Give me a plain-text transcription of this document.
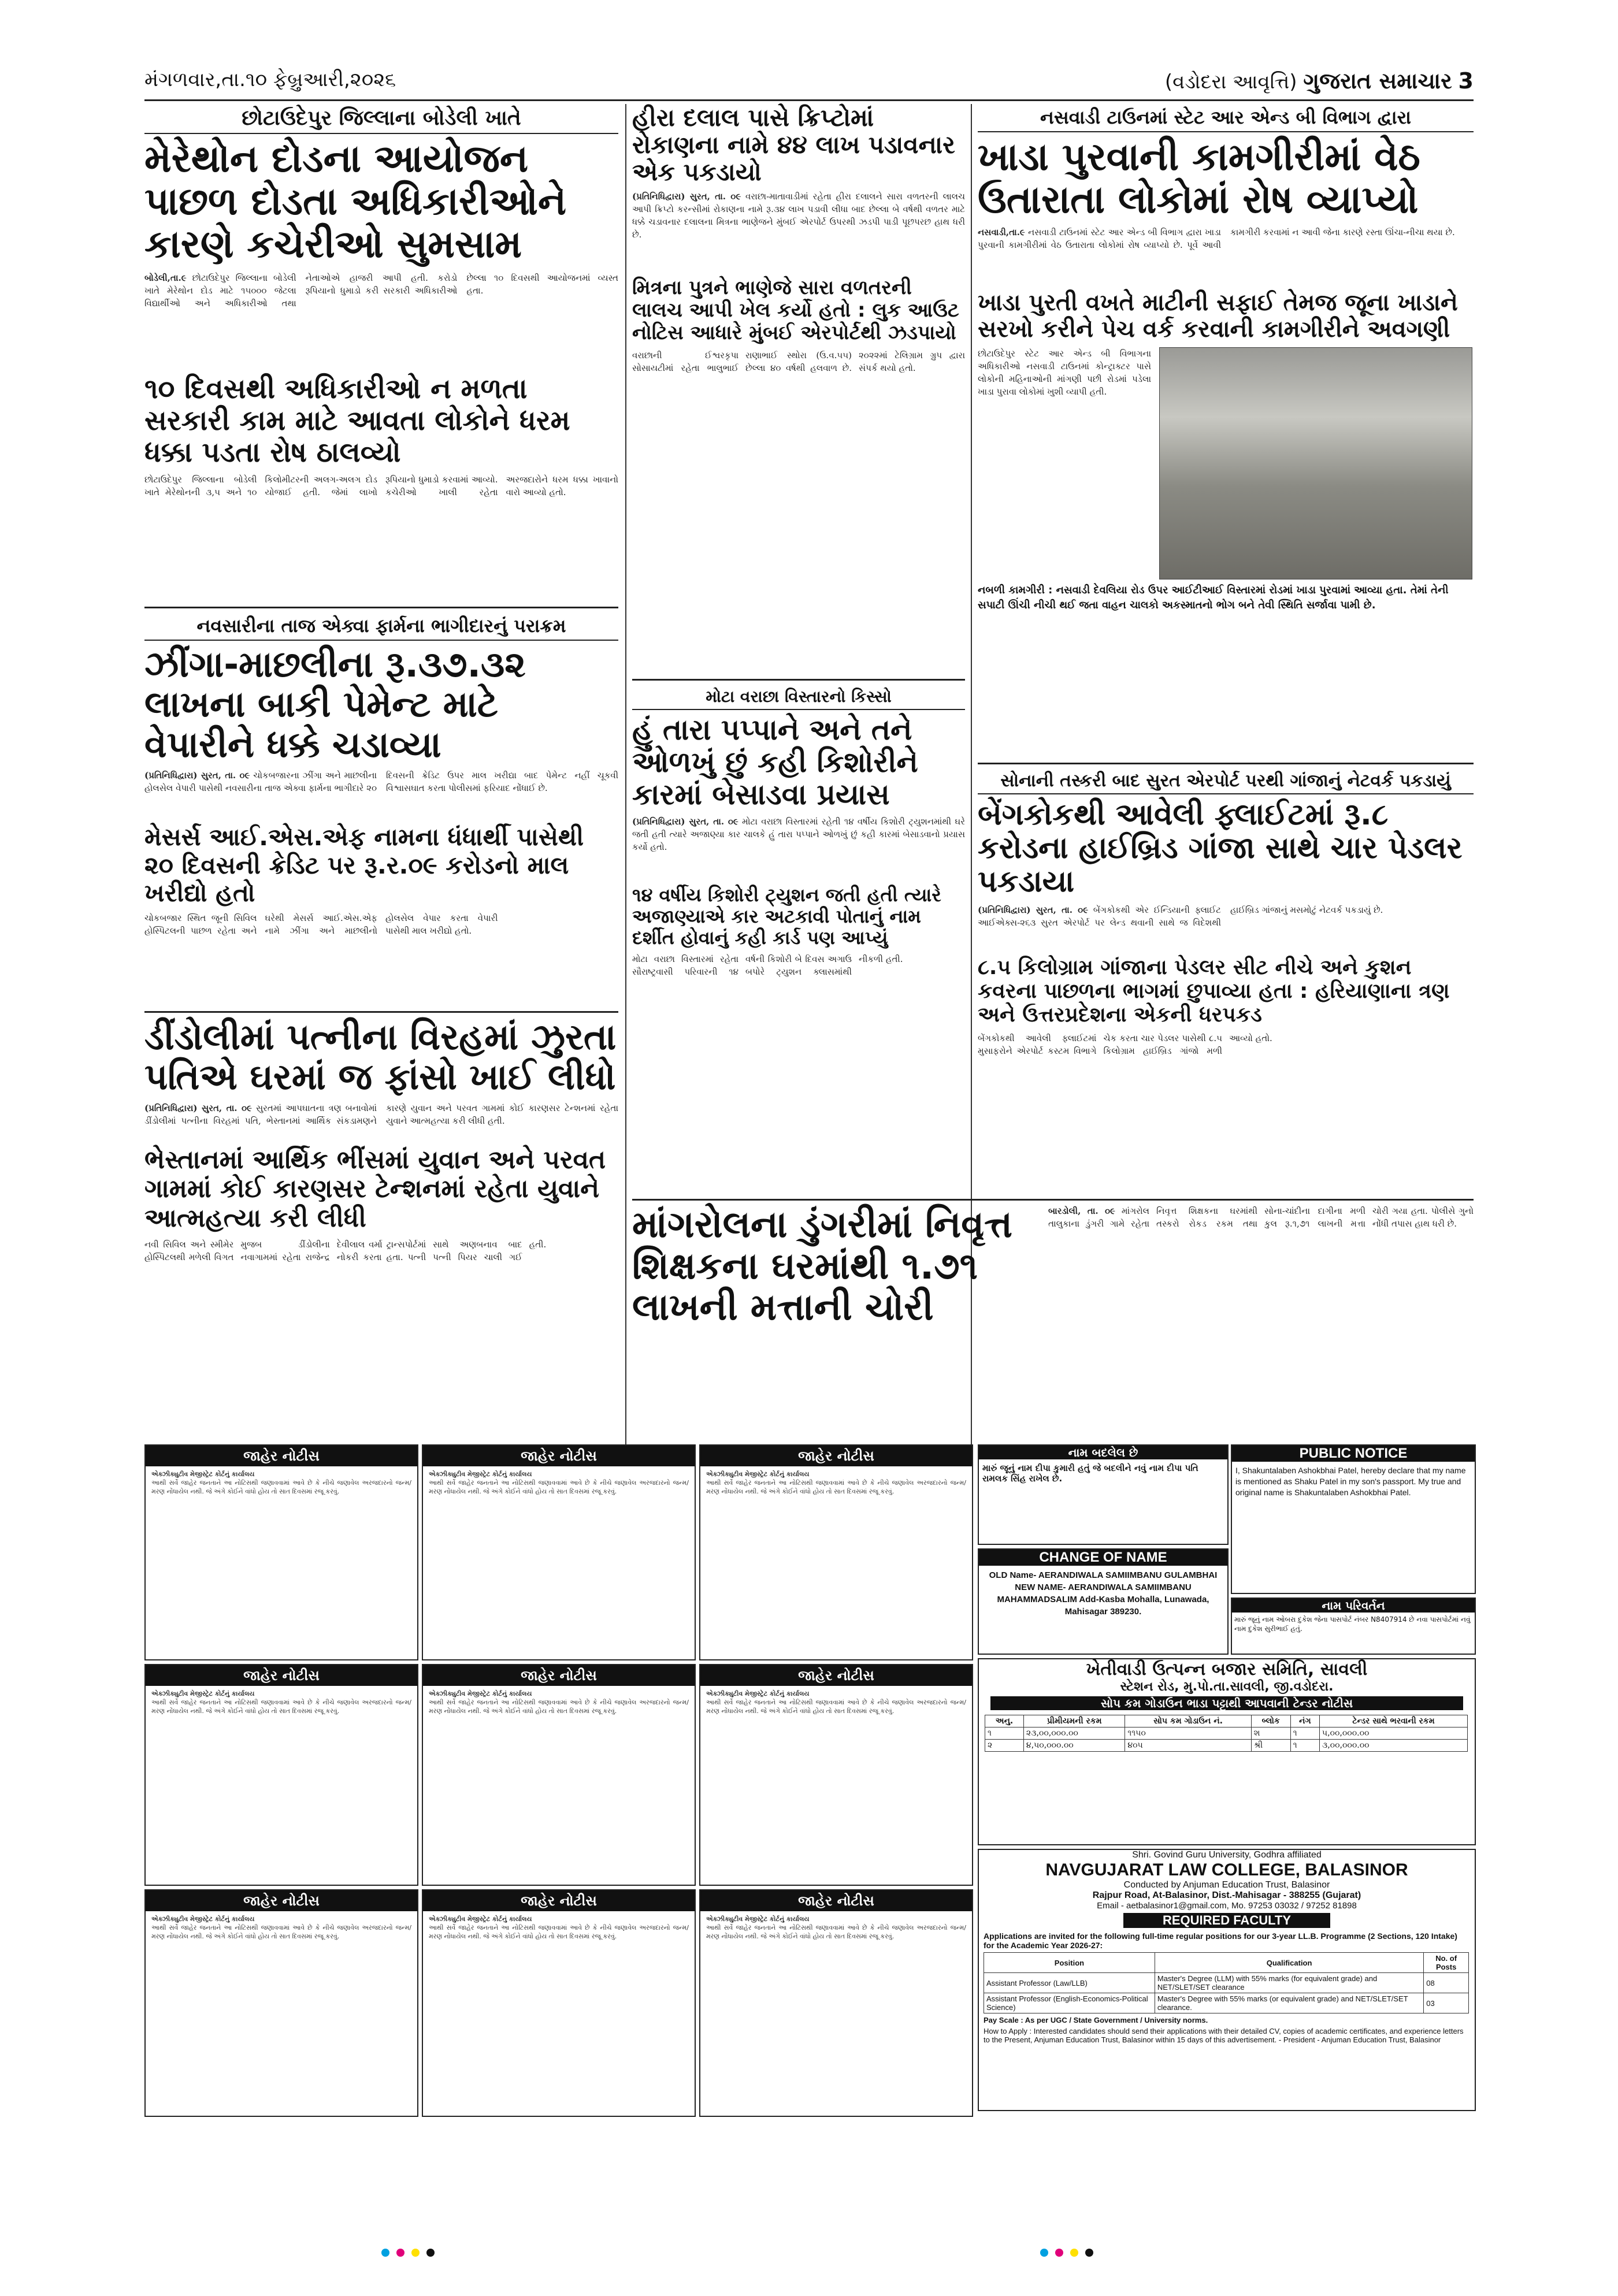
મંગળવાર,તા.૧૦ ફેબ્રુઆરી,૨૦૨૬	(વડોદરા આવૃત્તિ) ગુજરાત સમાચાર 3
છોટાઉદેપુર જિલ્લાના બોડેલી ખાતે
મેરેથોન દોડના આયોજન પાછળ દોડતા અધિકારીઓને કારણે કચેરીઓ સુમસામ

બોડેલી,તા.૯ છોટાઉદેપુર જિલ્લાના બોડેલી ખાતે મેરેથોન દોડ માટે ૧૫૦૦૦ જેટલા વિદ્યાર્થીઓ અને અધિકારીઓ તથા નેતાઓએ હાજરી આપી હતી. કરોડો રૂપિયાનો ધુમાડો કરી સરકારી અધિકારીઓ છેલ્લા ૧૦ દિવસથી આયોજનમાં વ્યસ્ત હતા.

૧૦ દિવસથી અધિકારીઓ ન મળતા સરકારી કામ માટે આવતા લોકોને ધરમ ધક્કા પડતા રોષ ઠાલવ્યો

છોટાઉદેપુર જિલ્લાના બોડેલી ખાતે મેરેથોનની ૩,૫ અને ૧૦ કિલોમીટરની અલગ-અલગ દોડ યોજાઈ હતી. જેમાં લાખો રૂપિયાનો ધુમાડો કરવામાં આવ્યો. કચેરીઓ ખાલી રહેતા અરજદારોને ધરમ ધક્કા ખાવાનો વારો આવ્યો હતો.

નવસારીના તાજ એક્વા ફાર્મના ભાગીદારનું પરાક્રમ
ઝીંગા-માછલીના રૂ.૩૭.૩૨ લાખના બાકી પેમેન્ટ માટે વેપારીને ધક્કે ચડાવ્યા

(પ્રતિનિધિદ્વારા) સુરત, તા. ૦૯ ચોકબજારના ઝીંગા અને માછલીના હોલસેલ વેપારી પાસેથી નવસારીના તાજ એક્વા ફાર્મના ભાગીદારે ૨૦ દિવસની ક્રેડિટ ઉપર માલ ખરીદ્યા બાદ પેમેન્ટ નહીં ચૂકવી વિશ્વાસઘાત કરતા પોલીસમાં ફરિયાદ નોંધાઈ છે.

મેસર્સ આઈ.એસ.એફ નામના ધંધાર્થી પાસેથી ૨૦ દિવસની ક્રેડિટ પર રૂ.ર.૦૯ કરોડનો માલ ખરીદ્યો હતો

ચોકબજાર સ્થિત જૂની સિવિલ હોસ્પિટલની પાછળ રહેતા અને ઘરેથી મેસર્સ આઈ.એસ.એફ નામે ઝીંગા અને માછલીનો હોલસેલ વેપાર કરતા વેપારી પાસેથી માલ ખરીદ્યો હતો.

ડીંડોલીમાં પત્નીના વિરહમાં ઝુરતા પતિએ ઘરમાં જ ફાંસો ખાઈ લીધો

(પ્રતિનિધિદ્વારા) સુરત, તા. ૦૯ સુરતમાં આપઘાતના ત્રણ બનાવોમાં ડીંડોલીમાં પત્નીના વિરહમાં પતિ, ભેસ્તાનમાં આર્થિક સંકડામણને કારણે યુવાન અને પરવત ગામમાં કોઈ કારણસર ટેન્શનમાં રહેતા યુવાને આત્મહત્યા કરી લીધી હતી.

ભેસ્તાનમાં આર્થિક ભીંસમાં યુવાન અને પરવત ગામમાં કોઈ કારણસર ટેન્શનમાં રહેતા યુવાને આત્મહત્યા કરી લીધી

નવી સિવિલ અને સ્મીમેર હોસ્પિટલથી મળેલી વિગત મુજબ ડીંડોલીના નવાગામમાં રહેતા રાજેન્દ્ર દેવીલાલ વર્મા ટ્રાન્સપોર્ટમાં નોકરી કરતા હતા. પત્ની સાથે અણબનાવ બાદ પત્ની પિયર ચાલી ગઈ હતી.

હીરા દલાલ પાસે ક્રિપ્ટોમાં રોકાણના નામે ૪૪ લાખ પડાવનાર એક પકડાયો

(પ્રતિનિધિદ્વારા) સુરત, તા. ૦૯ વરાછા-માતાવાડીમાં રહેતા હીરા દલાલને સારા વળતરની લાલચ આપી ક્રિપ્ટો કરન્સીમાં રોકાણના નામે રૂ.૩૪ લાખ પડાવી લીધા બાદ છેલ્લા બે વર્ષથી વળતર માટે ધક્કે ચડાવનાર દલાલના મિત્રના ભાણેજને મુંબઈ એરપોર્ટ ઉપરથી ઝડપી પાડી પૂછપરછ હાથ ધરી છે.

મિત્રના પુત્રને ભાણેજે સારા વળતરની લાલચ આપી ખેલ કર્યો હતો : લુક આઉટ નોટિસ આધારે મુંબઈ એરપોર્ટથી ઝડપાયો

વરાછાની ઈશ્વરકૃપા સોસાયટીમાં રહેતા ભાલુભાઈ રાણાભાઈ સ્થોરા (ઉ.વ.૫૫) છેલ્લા ૪૦ વર્ષથી હલવાળ છે. ૨૦૨૨માં ટેલિગ્રામ ગ્રુપ દ્વારા સંપર્ક થયો હતો.

મોટા વરાછા વિસ્તારનો કિસ્સો
હું તારા પપ્પાને અને તને ઓળખું છું કહી કિશોરીને કારમાં બેસાડવા પ્રયાસ

(પ્રતિનિધિદ્વારા) સુરત, તા. ૦૯ મોટા વરાછા વિસ્તારમાં રહેતી ૧૪ વર્ષીય કિશોરી ટ્યુશનમાંથી ઘરે જતી હતી ત્યારે અજાણ્યા કાર ચાલકે હું તારા પપ્પાને ઓળખું છું કહી કારમાં બેસાડવાનો પ્રયાસ કર્યો હતો.

૧૪ વર્ષીય કિશોરી ટ્યુશન જતી હતી ત્યારે અજાણ્યાએ કાર અટકાવી પોતાનું નામ દર્શીત હોવાનું કહી કાર્ડ પણ આપ્યું

મોટા વરાછા વિસ્તારમાં રહેતા સૌરાષ્ટ્રવાસી પરિવારની ૧૪ વર્ષની કિશોરી બે દિવસ અગાઉ બપોરે ટ્યુશન ક્લાસમાંથી નીકળી હતી.

માંગરોલના ડુંગરીમાં નિવૃત્ત શિક્ષકના ઘરમાંથી ૧.૭૧ લાખની મત્તાની ચોરી

બારડોલી, તા. ૦૯ માંગરોલ તાલુકાના ડુંગરી ગામે રહેતા નિવૃત્ત શિક્ષકના ઘરમાંથી તસ્કરો રોકડ રકમ તથા સોના-ચાંદીના દાગીના મળી કુલ રૂ.૧,૭૧ લાખની મત્તા ચોરી ગયા હતા. પોલીસે ગુનો નોંધી તપાસ હાથ ધરી છે.

નસવાડી ટાઉનમાં સ્ટેટ આર એન્ડ બી વિભાગ દ્વારા
ખાડા પુરવાની કામગીરીમાં વેઠ ઉતારાતા લોકોમાં રોષ વ્યાપ્યો

નસવાડી,તા.૯ નસવાડી ટાઉનમાં સ્ટેટ આર એન્ડ બી વિભાગ દ્વારા ખાડા પુરવાની કામગીરીમાં વેઠ ઉતારાતા લોકોમાં રોષ વ્યાપ્યો છે. પૂર્વે આવી કામગીરી કરવામાં ન આવી જેના કારણે રસ્તા ઊંચા-નીચા થયા છે.

ખાડા પુરતી વખતે માટીની સફાઈ તેમજ જૂના ખાડાને સરખો કરીને પેચ વર્ક કરવાની કામગીરીને અવગણી

છોટાઉદેપુર સ્ટેટ આર એન્ડ બી વિભાગના અધિકારીઓ નસવાડી ટાઉનમાં કોન્ટ્રાક્ટર પાસે લોકોની મહિનાઓની માંગણી પછી રોડમાં પડેલા ખાડા પુરાવા લોકોમાં ખુશી વ્યાપી હતી.

નબળી કામગીરી : નસવાડી દેવલિયા રોડ ઉપર આઈટીઆઈ વિસ્તારમાં રોડમાં ખાડા પુરવામાં આવ્યા હતા. તેમાં તેની સપાટી ઊંચી નીચી થઈ જતા વાહન ચાલકો અકસ્માતનો ભોગ બને તેવી સ્થિતિ સર્જાવા પામી છે.
સોનાની તસ્કરી બાદ સુરત એરપોર્ટ પરથી ગાંજાનું નેટવર્ક પકડાયું
બેંગકોકથી આવેલી ફ્લાઈટમાં રૂ.૮ કરોડના હાઈબ્રિડ ગાંજા સાથે ચાર પેડલર પકડાયા

(પ્રતિનિધિદ્વારા) સુરત, તા. ૦૯ બેંગકોકથી એર ઈન્ડિયાની ફ્લાઈટ આઈએક્સ-૨૬૩ સુરત એરપોર્ટ પર લેન્ડ થવાની સાથે જ વિદેશથી હાઈબ્રિડ ગાંજાનું મસમોટું નેટવર્ક પકડાયું છે.

૮.૫ કિલોગ્રામ ગાંજાના પેડલર સીટ નીચે અને કુશન કવરના પાછળના ભાગમાં છુપાવ્યા હતા : હરિયાણાના ત્રણ અને ઉત્તરપ્રદેશના એકની ધરપકડ

બેંગકોકથી આવેલી ફ્લાઈટમાં મુસાફરોને એરપોર્ટ કસ્ટમ વિભાગે ચેક કરતા ચાર પેડલર પાસેથી ૮.૫ કિલોગ્રામ હાઈબ્રિડ ગાંજો મળી આવ્યો હતો.

નામ બદલેલ છે
મારું જૂનું નામ દીપા કુમારી હતું જે બદલીને નવું નામ દીપા પતિ રામલક સિંહ રાખેલ છે.
PUBLIC NOTICE
I, Shakuntalaben Ashokbhai Patel, hereby declare that my name is mentioned as Shaku Patel in my son's passport. My true and original name is Shakuntalaben Ashokbhai Patel.
CHANGE OF NAME
OLD Name- AERANDIWALA SAMIIMBANU GULAMBHAI NEW NAME- AERANDIWALA SAMIIMBANU MAHAMMADSALIM Add-Kasba Mohalla, Lunawada, Mahisagar 389230.	નામ પરિવર્તન
મારું જૂનું નામ ઓબરા દુકેશ જેના પાસપોર્ટ નંબર N8407914 છે નવા પાસપોર્ટમાં નવું નામ દુકેશ સુરીભાઈ હતું.
જાહેર નોટીસ
એક્ઝીક્યુટીવ મેજીસ્ટ્રેટ કોર્ટનું કાર્યાલય
આથી સર્વે જાહેર જનતાને આ નોટિસથી જણાવવામાં આવે છે કે નીચે જણાવેલ અરજદારનો જન્મ/મરણ નોંધાયેલ નથી. જે અંગે કોઈને વાંધો હોય તો સાત દિવસમાં રજૂ કરવું.
જાહેર નોટીસ
એક્ઝીક્યુટીવ મેજીસ્ટ્રેટ કોર્ટનું કાર્યાલય
આથી સર્વે જાહેર જનતાને આ નોટિસથી જણાવવામાં આવે છે કે નીચે જણાવેલ અરજદારનો જન્મ/મરણ નોંધાયેલ નથી. જે અંગે કોઈને વાંધો હોય તો સાત દિવસમાં રજૂ કરવું.
જાહેર નોટીસ
એક્ઝીક્યુટીવ મેજીસ્ટ્રેટ કોર્ટનું કાર્યાલય
આથી સર્વે જાહેર જનતાને આ નોટિસથી જણાવવામાં આવે છે કે નીચે જણાવેલ અરજદારનો જન્મ/મરણ નોંધાયેલ નથી. જે અંગે કોઈને વાંધો હોય તો સાત દિવસમાં રજૂ કરવું.
જાહેર નોટીસ
એક્ઝીક્યુટીવ મેજીસ્ટ્રેટ કોર્ટનું કાર્યાલય
આથી સર્વે જાહેર જનતાને આ નોટિસથી જણાવવામાં આવે છે કે નીચે જણાવેલ અરજદારનો જન્મ/મરણ નોંધાયેલ નથી. જે અંગે કોઈને વાંધો હોય તો સાત દિવસમાં રજૂ કરવું.
જાહેર નોટીસ
એક્ઝીક્યુટીવ મેજીસ્ટ્રેટ કોર્ટનું કાર્યાલય
આથી સર્વે જાહેર જનતાને આ નોટિસથી જણાવવામાં આવે છે કે નીચે જણાવેલ અરજદારનો જન્મ/મરણ નોંધાયેલ નથી. જે અંગે કોઈને વાંધો હોય તો સાત દિવસમાં રજૂ કરવું.
જાહેર નોટીસ
એક્ઝીક્યુટીવ મેજીસ્ટ્રેટ કોર્ટનું કાર્યાલય
આથી સર્વે જાહેર જનતાને આ નોટિસથી જણાવવામાં આવે છે કે નીચે જણાવેલ અરજદારનો જન્મ/મરણ નોંધાયેલ નથી. જે અંગે કોઈને વાંધો હોય તો સાત દિવસમાં રજૂ કરવું.
જાહેર નોટીસ
એક્ઝીક્યુટીવ મેજીસ્ટ્રેટ કોર્ટનું કાર્યાલય
આથી સર્વે જાહેર જનતાને આ નોટિસથી જણાવવામાં આવે છે કે નીચે જણાવેલ અરજદારનો જન્મ/મરણ નોંધાયેલ નથી. જે અંગે કોઈને વાંધો હોય તો સાત દિવસમાં રજૂ કરવું.
જાહેર નોટીસ
એક્ઝીક્યુટીવ મેજીસ્ટ્રેટ કોર્ટનું કાર્યાલય
આથી સર્વે જાહેર જનતાને આ નોટિસથી જણાવવામાં આવે છે કે નીચે જણાવેલ અરજદારનો જન્મ/મરણ નોંધાયેલ નથી. જે અંગે કોઈને વાંધો હોય તો સાત દિવસમાં રજૂ કરવું.
જાહેર નોટીસ
એક્ઝીક્યુટીવ મેજીસ્ટ્રેટ કોર્ટનું કાર્યાલય
આથી સર્વે જાહેર જનતાને આ નોટિસથી જણાવવામાં આવે છે કે નીચે જણાવેલ અરજદારનો જન્મ/મરણ નોંધાયેલ નથી. જે અંગે કોઈને વાંધો હોય તો સાત દિવસમાં રજૂ કરવું.
ખેતીવાડી ઉત્પન્ન બજાર સમિતિ, સાવલી
સ્ટેશન રોડ, મુ.પો.તા.સાવલી, જી.વડોદરા.
સોપ કમ ગોડાઉન ભાડા પટ્ટાથી આપવાની ટેન્ડર નોટીસ
અનુ.	પ્રીમીયમની રકમ	સોપ કમ ગોડાઉન નં.	બ્લોક	નંગ	ટેન્ડર સાથે ભરવાની રકમ
૧	૨૩,૦૦,૦૦૦.૦૦	૧૧૫૦	શ	૧	૫,૦૦,૦૦૦.૦૦
૨	૪,૫૦,૦૦૦.૦૦	૪૦૫	શ્રી	૧	૩,૦૦,૦૦૦.૦૦
Shri. Govind Guru University, Godhra affiliated
NAVGUJARAT LAW COLLEGE, BALASINOR
Conducted by Anjuman Education Trust, Balasinor
Rajpur Road, At-Balasinor, Dist.-Mahisagar - 388255 (Gujarat)
Email - aetbalasinor1@gmail.com, Mo. 97253 03032 / 97252 81898
REQUIRED FACULTY
Applications are invited for the following full-time regular positions for our 3-year LL.B. Programme (2 Sections, 120 Intake) for the Academic Year 2026-27:
Position	Qualification	No. of Posts
Assistant Professor (Law/LLB)	Master's Degree (LLM) with 55% marks (for equivalent grade) and NET/SLET/SET clearance	08
Assistant Professor (English-Economics-Political Science)	Master's Degree with 55% marks (or equivalent grade) and NET/SLET/SET clearance.	03
Pay Scale : As per UGC / State Government / University norms.
How to Apply : Interested candidates should send their applications with their detailed CV, copies of academic certificates, and experience letters to the Present, Anjuman Education Trust, Balasinor within 15 days of this advertisement. - President - Anjuman Education Trust, Balasinor
